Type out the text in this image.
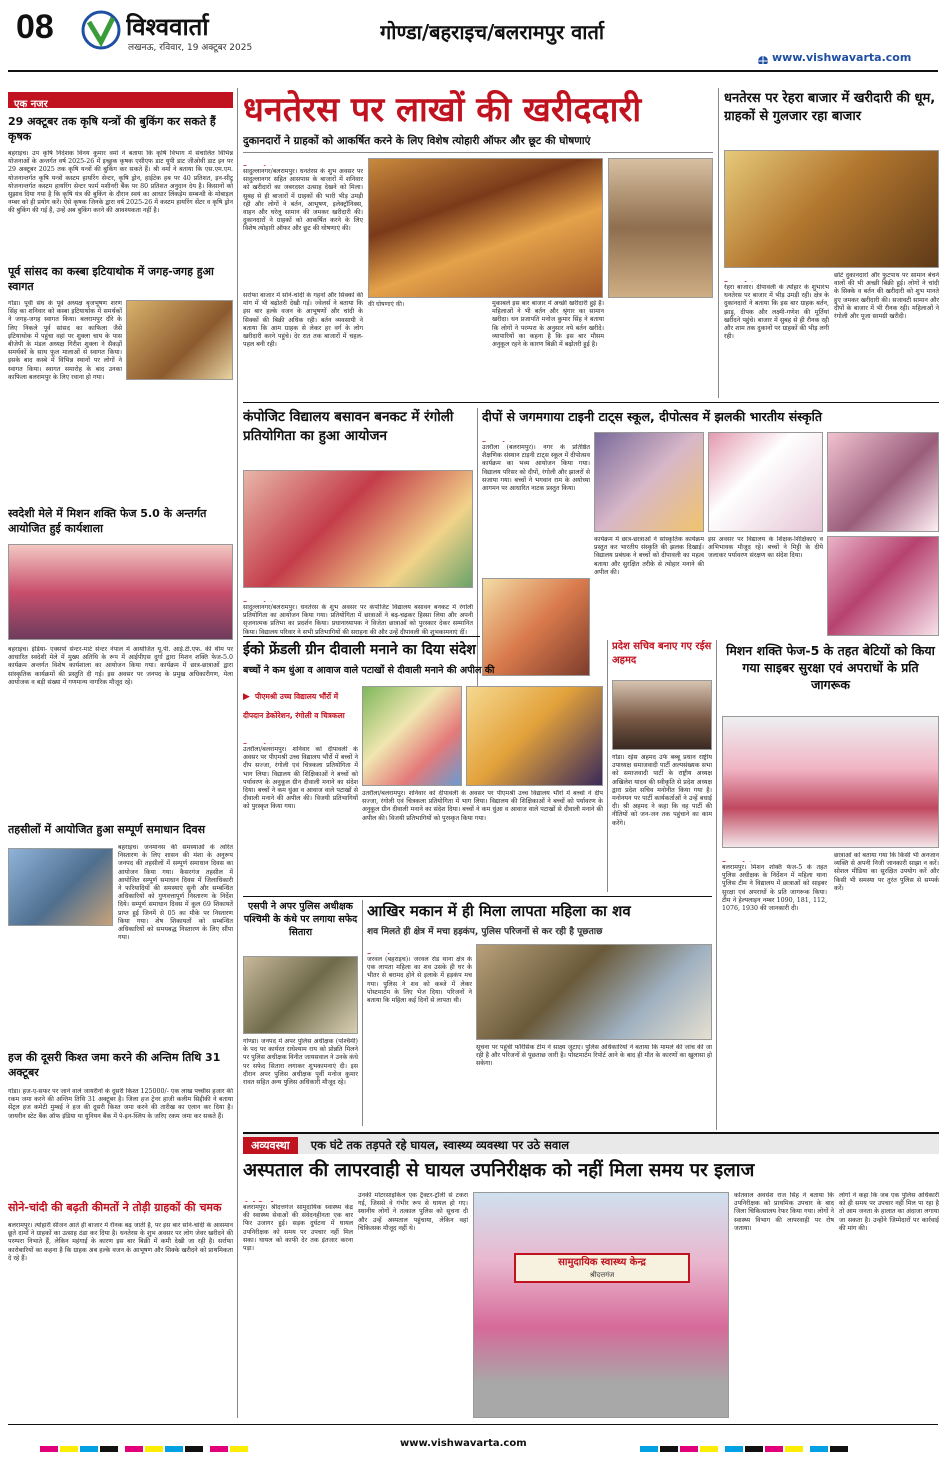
08	विश्ववार्ता
लखनऊ, रविवार, 19 अक्टूबर 2025
गोण्डा/बहराइच/बलरामपुर वार्ता
www.vishwavarta.com
एक नजर
29 अक्टूबर तक कृषि यन्त्रों की बुकिंग कर सकते हैं कृषक
बहराइच। उप कृषि निदेशक विनय कुमार वर्मा ने बताया कि कृषि विभाग में संचालित विभिन्न योजनाओं के अन्तर्गत वर्ष 2025-26 में इच्छुक कृषक एसीएफ डाट यूपी डाट जीओवी डाट इन पर 29 अक्टूबर 2025 तक कृषि यन्त्रों की बुकिंग कर सकते हैं। श्री वर्मा ने बताया कि एस.एम.एम. योजनान्तर्गत कृषि यन्त्रों कस्टम हायरिंग सेन्टर, कृषि ड्रोन, हाईटेक हब पर 40 प्रतिशत, इन-सीटू योजनान्तर्गत कस्टम हायरिंग सेन्टर फार्म मशीनरी बैंक पर 80 प्रतिशत अनुदान देय है। किसानों को सुझाव दिया गया है कि कृषि यंत्र की बुकिंग के दौरान स्वयं का आधार लिंकड़ेम सम्बन्धी के मोबाइल नम्बर को ही प्रयोग करें। ऐसे कृषक जिनके द्वारा वर्ष 2025-26 में कस्टम हायरिंग सेंटर व कृषि ड्रोन की बुकिंग की गई है, उन्हें अब बुकिंग करने की आवश्यकता नहीं है।
पूर्व सांसद का कस्बा इटियाथोक में जगह-जगह हुआ स्वागत
गोंडा। पूर्वी संघ के पूर्व अध्यक्ष बृजभूषण शरण सिंह का शनिवार को कस्बा इटियाथोक में समर्थकों ने जगह-जगह स्वागत किया। बलरामपुर दौरे के लिए निकले पूर्व सांसद का काफिला जैसे इटियाथोक में पहुंचा वहां पर शुक्ला चाय के पास बीजेपी के मंडल अध्यक्ष गिरीश शुक्ला ने सैकड़ों समर्थकों के साथ फूल मालाओं से स्वागत किया। इसके बाद कस्बे में विभिन्न स्थानों पर लोगों ने स्वागत किया। स्वागत समारोह के बाद उनका काफिला बलरामपुर के लिए रवाना हो गया।
स्वदेशी मेले में मिशन शक्ति फेज 5.0 के अन्तर्गत आयोजित हुई कार्यशाला
बहराइच। इंडिया- एक्सपो सेन्टर-मार्ट सेन्टर नेपाल में आयोजित यू.पी. आई.टी.एफ. की थीम पर आधारित स्वदेशी मेले में मुख्य अतिथि के रूप में आईपीएस दुर्गा द्वारा मिशन शक्ति फेज-5.0 कार्यक्रम अन्तर्गत विशेष कार्यशाला का आयोजन किया गया। कार्यक्रम में छात्र-छात्राओं द्वारा सांस्कृतिक कार्यक्रमों की प्रस्तुति दी गई। इस अवसर पर जनपद के प्रमुख अधिकारीगण, मेला आयोजक व बड़ी संख्या में गणमान्य नागरिक मौजूद रहे।
तहसीलों में आयोजित हुआ सम्पूर्ण समाधान दिवस
बहराइच। जनमानस की समस्याओं के त्वरित निस्तारण के लिए शासन की मंशा के अनुरूप जनपद की तहसीलों में सम्पूर्ण समाधान दिवस का आयोजन किया गया। कैसरगंज तहसील में आयोजित सम्पूर्ण समाधान दिवस में जिलाधिकारी ने फरियादियों की समस्याएं सुनी और सम्बन्धित अधिकारियों को गुणवत्तापूर्ण निस्तारण के निर्देश दिये। सम्पूर्ण समाधान दिवस में कुल 69 शिकायतें प्राप्त हुई जिनमें से 05 का मौके पर निस्तारण किया गया। शेष शिकायतों को सम्बन्धित अधिकारियों को समयबद्ध निस्तारण के लिए सौंपा गया।
हज की दूसरी किश्त जमा करने की अन्तिम तिथि 31 अक्टूबर
गोंडा। हज-ए-सफर पर जाने वाले जायरीनों के दूसरी किश्त 125000/- एक लाख पच्चीस हजार की रकम जमा करने की अन्तिम तिथि 31 अक्टूबर है। जिला हज ट्रेनर हाजी कलीम सिद्दीकी ने बताया सेंट्रल हज कमेटी मुम्बई ने हज की दूसरी किश्त जमा करने की तारीख का एलान कर दिया है। जायरीन स्टेट बैंक ऑफ इंडिया या यूनियन बैंक में पे-इन-स्लिप के जरिए रकम जमा कर सकते हैं।
सोने-चांदी की बढ़ती कीमतों ने तोड़ी ग्राहकों की चमक
बलरामपुर। त्योहारी सीजन आते ही बाजार में रौनक बढ़ जाती है, पर इस बार सोने-चांदी के आसमान छूते दामों ने ग्राहकों का उत्साह ठंडा कर दिया है। धनतेरस के शुभ अवसर पर लोग जेवर खरीदने की परम्परा निभाते हैं, लेकिन महंगाई के कारण इस बार बिक्री में कमी देखी जा रही है। सर्राफा कारोबारियों का कहना है कि ग्राहक अब हल्के वजन के आभूषण और सिक्के खरीदने को प्राथमिकता दे रहे हैं।
धनतेरस पर लाखों की खरीददारी
दुकानदारों ने ग्राहकों को आकर्षित करने के लिए विशेष त्योहारी ऑफर और छूट की घोषणाएं
सादुल्लानगर/बलरामपुर। धनतेरस के शुभ अवसर पर सादुल्लानगर सहित आसपास के बाजारों में शनिवार को खरीदारों का जबरदस्त उत्साह देखने को मिला। सुबह से ही बाजारों में ग्राहकों की भारी भीड़ उमड़ी रही और लोगों ने बर्तन, आभूषण, इलेक्ट्रॉनिक्स, वाहन और घरेलू सामान की जमकर खरीदारी की। दुकानदारों ने ग्राहकों को आकर्षित करने के लिए विशेष त्योहारी ऑफर और छूट की घोषणाएं की।
सर्राफा बाजार में सोने-चांदी के गहनों और सिक्कों की मांग में भी बढ़ोतरी देखी गई। ज्वेलर्स ने बताया कि इस बार हल्के वजन के आभूषणों और चांदी के सिक्कों की बिक्री अधिक रही। बर्तन व्यवसायी ने बताया कि आम ग्राहक से लेकर हर वर्ग के लोग खरीदारी करने पहुंचे। देर रात तक बाजारों में चहल-पहल बनी रही।
की घोषणाएं की।	मुकाबले इस बार बाजार में अच्छी खरीदारी हुई है। महिलाओं ने भी बर्तन और श्रृंगार का सामान खरीदा। धन प्रजापति मनोज कुमार सिंह ने बताया कि लोगों ने परम्परा के अनुसार नये बर्तन खरीदे। व्यापारियों का कहना है कि इस बार मौसम अनुकूल रहने के कारण बिक्री में बढ़ोतरी हुई है।
धनतेरस पर रेहरा बाजार में खरीदारी की धूम, ग्राहकों से गुलजार रहा बाजार
रेहरा बाजार। दीपावली के त्योहार के शुभारंभ धनतेरस पर बाजार में भीड़ उमड़ी रही। क्षेत्र के दुकानदारों ने बताया कि इस बार ग्राहक बर्तन, झाड़ू, दीपक और लक्ष्मी-गणेश की मूर्तियां खरीदने पहुंचे। बाजार में सुबह से ही रौनक रही और शाम तक दुकानों पर ग्राहकों की भीड़ लगी रही।
छोटे दुकानदारों और फुटपाथ पर सामान बेचने वालों की भी अच्छी बिक्री हुई। लोगों ने चांदी के सिक्के व बर्तन की खरीदारी को शुभ मानते हुए जमकर खरीदारी की। सजावटी सामान और दीपों के बाजार में भी रौनक रही। महिलाओं ने रंगोली और पूजा सामग्री खरीदी।
कंपोजिट विद्यालय बसावन बनकट में रंगोली प्रतियोगिता का हुआ आयोजन
सादुल्लानगर/बलरामपुर। धनतेरस के शुभ अवसर पर कंपोजिट विद्यालय बसावन बनकट में रंगोली प्रतियोगिता का आयोजन किया गया। प्रतियोगिता में छात्राओं ने बढ़-चढ़कर हिस्सा लिया और अपनी सृजनात्मक प्रतिभा का प्रदर्शन किया। प्रधानाध्यापक ने विजेता छात्राओं को पुरस्कार देकर सम्मानित किया। विद्यालय परिवार ने सभी प्रतिभागियों की सराहना की और उन्हें दीपावली की शुभकामनाएं दीं।
दीपों से जगमगाया टाइनी टाट्स स्कूल, दीपोत्सव में झलकी भारतीय संस्कृति
उतरौला (बलरामपुर)। नगर के प्रतिष्ठित शैक्षणिक संस्थान टाइनी टाट्स स्कूल में दीपोत्सव कार्यक्रम का भव्य आयोजन किया गया। विद्यालय परिसर को दीपों, रंगोली और झालरों से सजाया गया। बच्चों ने भगवान राम के अयोध्या आगमन पर आधारित नाटक प्रस्तुत किया।
कार्यक्रम में छात्र-छात्राओं ने सांस्कृतिक कार्यक्रम प्रस्तुत कर भारतीय संस्कृति की झलक दिखाई। विद्यालय प्रबंधक ने बच्चों को दीपावली का महत्व बताया और सुरक्षित तरीके से त्योहार मनाने की अपील की।
इस अवसर पर विद्यालय के शिक्षक-शिक्षिकाएं व अभिभावक मौजूद रहे। बच्चों ने मिट्टी के दीये जलाकर पर्यावरण संरक्षण का संदेश दिया।
ईको फ्रेंडली ग्रीन दीवाली मनाने का दिया संदेश
बच्चों ने कम धुंआ व आवाज वाले पटाखों से दीवाली मनाने की अपील की
▶ पीएमश्री उच्च विद्यालय भौंर्रो में दीपदान डेकोरेशन, रंगोली व चित्रकला
उतरौला/बलरामपुर। शनिवार को दीपावली के अवसर पर पीएमश्री उच्च विद्यालय भौंर्रो में बच्चों ने दीप सज्जा, रंगोली एवं चित्रकला प्रतियोगिता में भाग लिया। विद्यालय की शिक्षिकाओं ने बच्चों को पर्यावरण के अनुकूल ग्रीन दीवाली मनाने का संदेश दिया। बच्चों ने कम धुंआ व आवाज वाले पटाखों से दीवाली मनाने की अपील की। विजयी प्रतिभागियों को पुरस्कृत किया गया।
उतरौला/बलरामपुर। शनिवार को दीपावली के अवसर पर पीएमश्री उच्च विद्यालय भौंर्रो में बच्चों ने दीप सज्जा, रंगोली एवं चित्रकला प्रतियोगिता में भाग लिया। विद्यालय की शिक्षिकाओं ने बच्चों को पर्यावरण के अनुकूल ग्रीन दीवाली मनाने का संदेश दिया। बच्चों ने कम धुंआ व आवाज वाले पटाखों से दीवाली मनाने की अपील की। विजयी प्रतिभागियों को पुरस्कृत किया गया।
प्रदेश सचिव बनाए गए रईस अहमद
गोंडा। रईस अहमद उर्फ बब्बू प्रधान राष्ट्रीय उपाध्यक्ष समाजवादी पार्टी अल्पसंख्यक सभा को समाजवादी पार्टी के राष्ट्रीय अध्यक्ष अखिलेश यादव की स्वीकृति से प्रदेश अध्यक्ष द्वारा प्रदेश सचिव मनोनीत किया गया है। मनोनयन पर पार्टी कार्यकर्ताओं ने उन्हें बधाई दी। श्री अहमद ने कहा कि वह पार्टी की नीतियों को जन-जन तक पहुंचाने का काम करेंगे।
मिशन शक्ति फेज-5 के तहत बेटियों को किया गया साइबर सुरक्षा एवं अपराधों के प्रति जागरूक
बलरामपुर। मिशन शक्ति फेज-5 के तहत पुलिस अधीक्षक के निर्देशन में महिला थाना पुलिस टीम ने विद्यालय में छात्राओं को साइबर सुरक्षा एवं अपराधों के प्रति जागरूक किया। टीम ने हेल्पलाइन नम्बर 1090, 181, 112, 1076, 1930 की जानकारी दी।
छात्राओं को बताया गया कि किसी भी अनजान व्यक्ति से अपनी निजी जानकारी साझा न करें। सोशल मीडिया का सुरक्षित उपयोग करें और किसी भी समस्या पर तुरंत पुलिस से सम्पर्क करें।
एसपी ने अपर पुलिस अधीक्षक पश्चिमी के कंधे पर लगाया सफेद सितारा
गोण्डा। जनपद में अपर पुलिस अधीक्षक (पश्चिमी) के पद पर कार्यरत राधेश्याम राय को प्रोन्नति मिलने पर पुलिस अधीक्षक विनीत जायसवाल ने उनके कंधे पर सफेद सितारा लगाकर शुभकामनाएं दी। इस दौरान अपर पुलिस अधीक्षक पूर्वी मनोज कुमार रावत सहित अन्य पुलिस अधिकारी मौजूद रहे।
आखिर मकान में ही मिला लापता महिला का शव
शव मिलते ही क्षेत्र में मचा हड़कंप, पुलिस परिजनों से कर रही है पूछताछ
जरवल (बहराइच)। जरवल रोड थाना क्षेत्र के एक लापता महिला का शव उसके ही घर के भीतर से बरामद होने से इलाके में हड़कंप मच गया। पुलिस ने शव को कब्जे में लेकर पोस्टमार्टम के लिए भेज दिया। परिजनों ने बताया कि महिला कई दिनों से लापता थी।
सूचना पर पहुंची फॉरेंसिक टीम ने साक्ष्य जुटाए। पुलिस अधिकारियों ने बताया कि मामले की जांच की जा रही है और परिजनों से पूछताछ जारी है। पोस्टमार्टम रिपोर्ट आने के बाद ही मौत के कारणों का खुलासा हो सकेगा।
अव्यवस्था एक घंटे तक तड़पते रहे घायल, स्वास्थ्य व्यवस्था पर उठे सवाल
अस्पताल की लापरवाही से घायल उपनिरीक्षक को नहीं मिला समय पर इलाज
बलरामपुर। श्रीदत्तगंज सामुदायिक स्वास्थ्य केंद्र की स्वास्थ्य सेवाओं की संवेदनहीनता एक बार फिर उजागर हुई। सड़क दुर्घटना में घायल उपनिरीक्षक को समय पर उपचार नहीं मिल सका। घायल को काफी देर तक इंतजार करना पड़ा।
उनकी मोटरसाइकिल एक ट्रैक्टर-ट्रॉली से टकरा गई, जिससे वे गंभीर रूप से घायल हो गए। स्थानीय लोगों ने तत्काल पुलिस को सूचना दी और उन्हें अस्पताल पहुंचाया, लेकिन वहां चिकित्सक मौजूद नहीं थे।
सामुदायिक स्वास्थ्य केन्द्र
श्रीदत्तगंज
कोतवाल अवधेश राज सिंह ने बताया कि उपनिरीक्षक को प्राथमिक उपचार के बाद जिला चिकित्सालय रेफर किया गया। लोगों ने स्वास्थ्य विभाग की लापरवाही पर रोष जताया।
लोगों ने कहा कि जब एक पुलिस अधिकारी को ही समय पर उपचार नहीं मिल पा रहा है तो आम जनता के हालात का अंदाजा लगाया जा सकता है। उन्होंने जिम्मेदारों पर कार्रवाई की मांग की।

www.vishwavarta.com
